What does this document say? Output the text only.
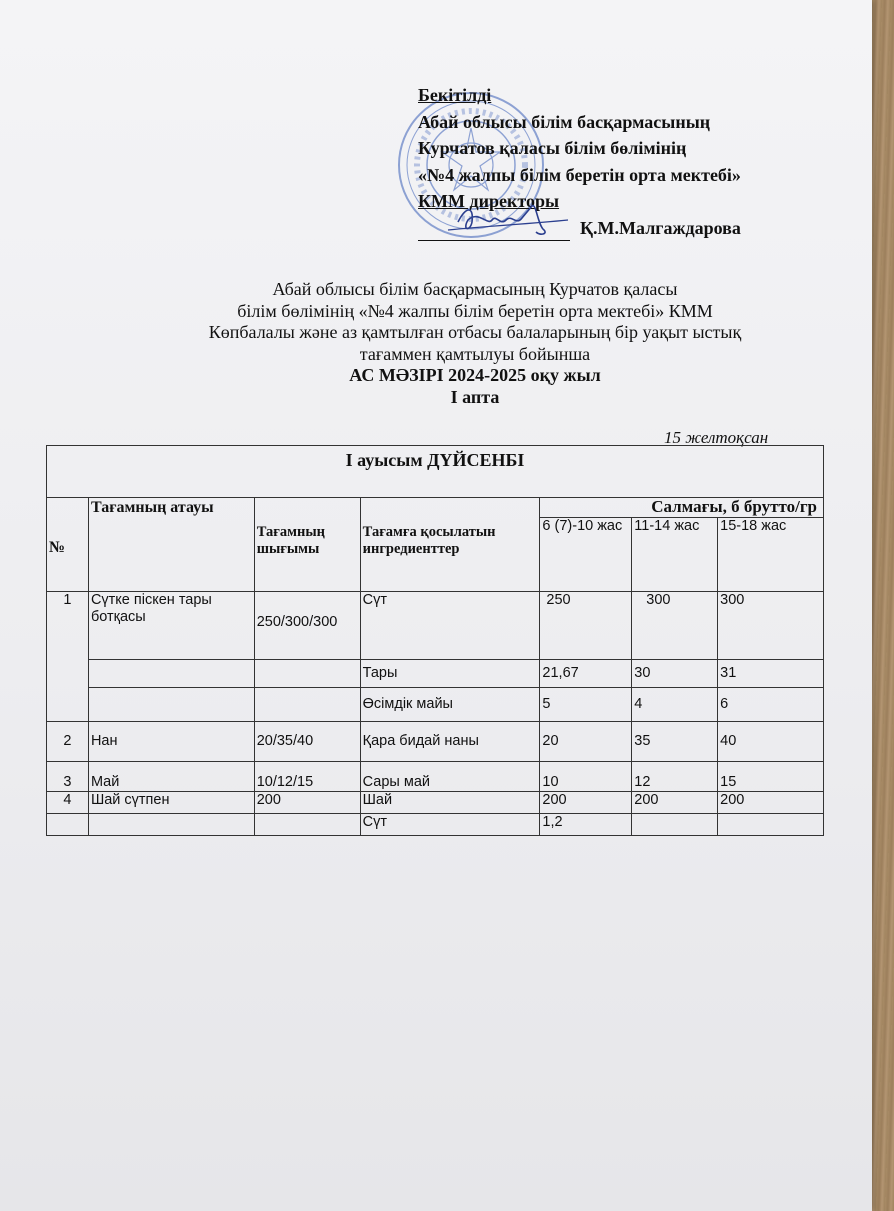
Бекітілді
Абай облысы білім басқармасының
Курчатов қаласы білім бөлімінің
«№4 жалпы білім беретін орта мектебі»
КММ директоры
Қ.М.Малгаждарова
Абай облысы білім басқармасының Курчатов қаласы
білім бөлімінің «№4 жалпы білім беретін орта мектебі» КММ
Көпбалалы және аз қамтылған отбасы балаларының бір уақыт ыстық
тағаммен қамтылуы бойынша
АС МӘЗІРІ 2024-2025 оқу жыл
І апта
15 желтоқсан
І ауысым ДҮЙСЕНБІ						
№	Тағамның атауы	Тағамның шығымы	Тағамға қосылатын ингредиенттер	Салмағы, б брутто/гр		
				6 (7)-10 жас	11-14 жас	15-18 жас
1	Сүтке піскен тары ботқасы	250/300/300	Сүт	250	300	300
			Тары	21,67	30	31
			Өсімдік майы	5	4	6
2	Нан	20/35/40	Қара бидай наны	20	35	40
3	Май	10/12/15	Сары май	10	12	15
4	Шай сүтпен	200	Шай	200	200	200
			Сүт	1,2		
